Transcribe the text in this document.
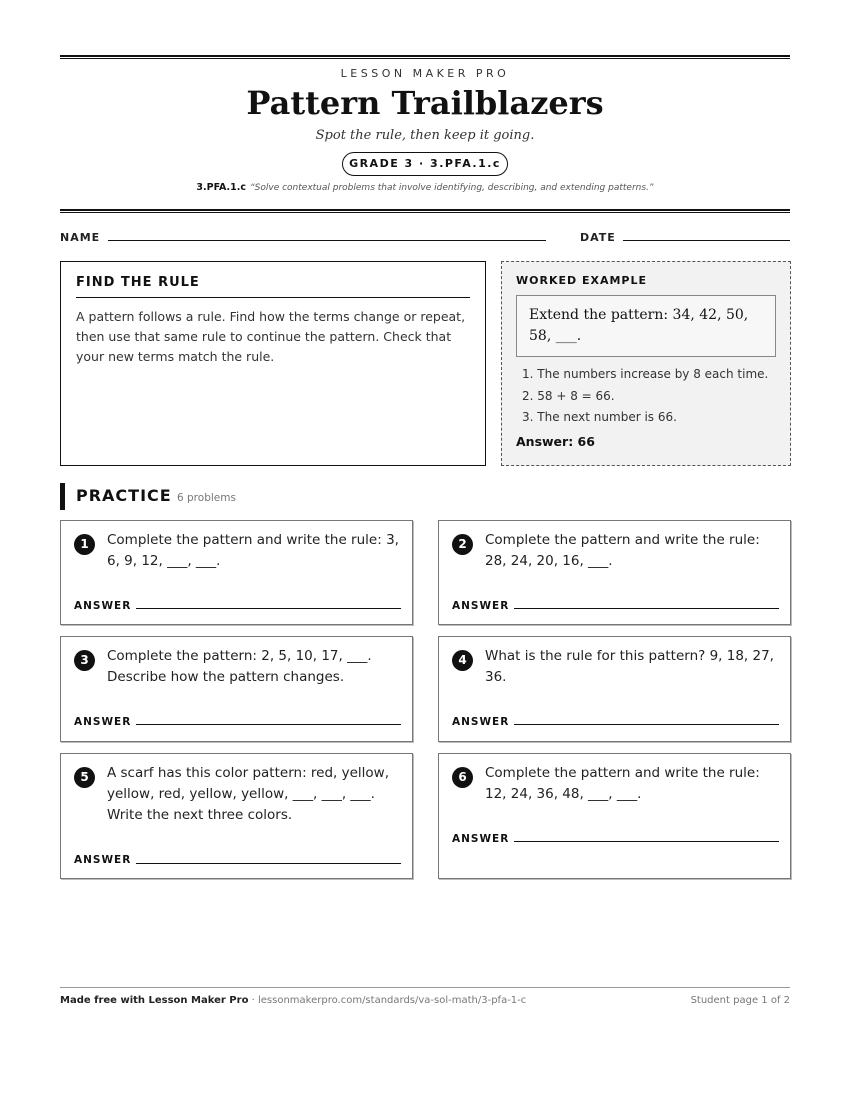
LESSON MAKER PRO
Pattern Trailblazers
Spot the rule, then keep it going.
GRADE 3 · 3.PFA.1.c
3.PFA.1.c “Solve contextual problems that involve identifying, describing, and extending patterns.”
NAME	DATE
FIND THE RULE

A pattern follows a rule. Find how the terms change or repeat, then use that same rule to continue the pattern. Check that your new terms match the rule.

WORKED EXAMPLE
Extend the pattern: 34, 42, 50, 58, ___.
1. The numbers increase by 8 each time.
2. 58 + 8 = 66.
3. The next number is 66.
Answer: 66
PRACTICE 6 problems
1	Complete the pattern and write the rule: 3, 6, 9, 12, ___, ___.
ANSWER
2	Complete the pattern and write the rule: 28, 24, 20, 16, ___.
ANSWER
3	Complete the pattern: 2, 5, 10, 17, ___. Describe how the pattern changes.
ANSWER
4	What is the rule for this pattern? 9, 18, 27, 36.
ANSWER
5	A scarf has this color pattern: red, yellow, yellow, red, yellow, yellow, ___, ___, ___. Write the next three colors.
ANSWER
6	Complete the pattern and write the rule: 12, 24, 36, 48, ___, ___.
ANSWER
Made free with Lesson Maker Pro · lessonmakerpro.com/standards/va-sol-math/3-pfa-1-c	Student page 1 of 2
